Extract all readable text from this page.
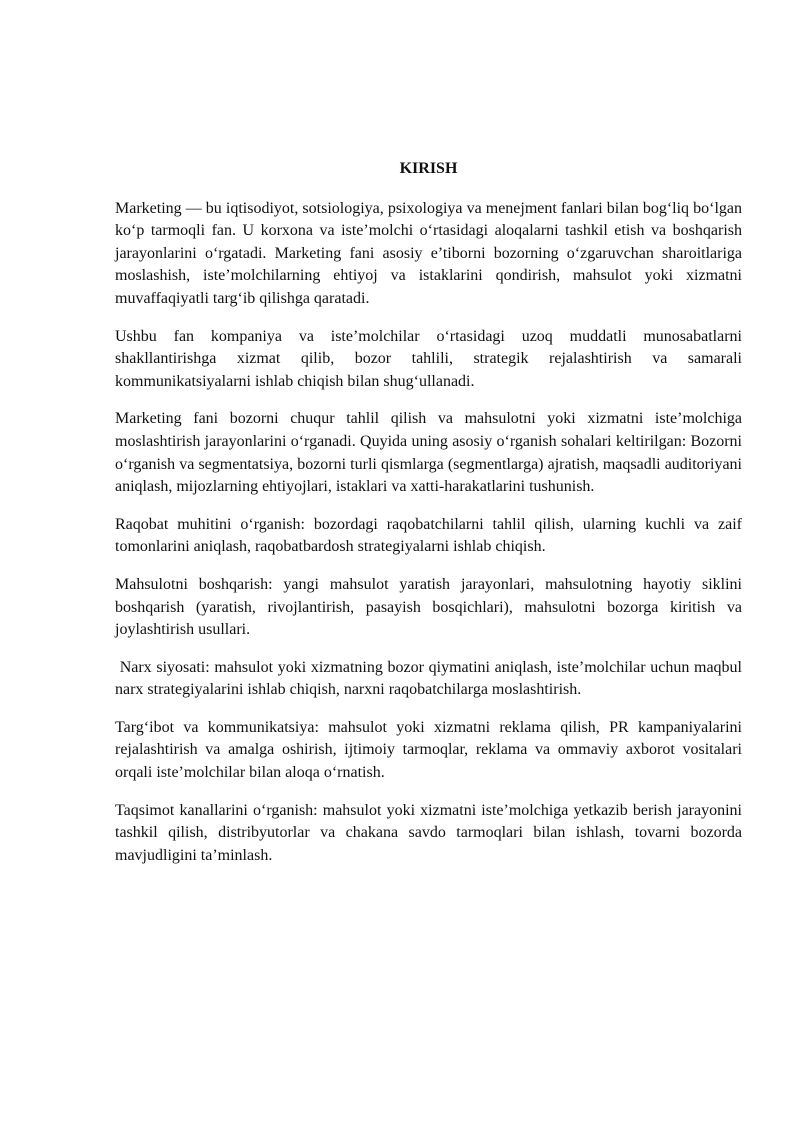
KIRISH

Marketing — bu iqtisodiyot, sotsiologiya, psixologiya va menejment fanlari bilan bog‘liq bo‘lgan ko‘p tarmoqli fan. U korxona va iste’molchi o‘rtasidagi aloqalarni tashkil etish va boshqarish jarayonlarini o‘rgatadi. Marketing fani asosiy e’tiborni bozorning o‘zgaruvchan sharoitlariga moslashish, iste’molchilarning ehtiyoj va istaklarini qondirish, mahsulot yoki xizmatni muvaffaqiyatli targ‘ib qilishga qaratadi.

Ushbu fan kompaniya va iste’molchilar o‘rtasidagi uzoq muddatli munosabatlarni shakllantirishga xizmat qilib, bozor tahlili, strategik rejalashtirish va samarali kommunikatsiyalarni ishlab chiqish bilan shug‘ullanadi.

Marketing fani bozorni chuqur tahlil qilish va mahsulotni yoki xizmatni iste’molchiga moslashtirish jarayonlarini o‘rganadi. Quyida uning asosiy o‘rganish sohalari keltirilgan: Bozorni o‘rganish va segmentatsiya, bozorni turli qismlarga (segmentlarga) ajratish, maqsadli auditoriyani aniqlash, mijozlarning ehtiyojlari, istaklari va xatti-harakatlarini tushunish.

Raqobat muhitini o‘rganish: bozordagi raqobatchilarni tahlil qilish, ularning kuchli va zaif tomonlarini aniqlash, raqobatbardosh strategiyalarni ishlab chiqish.

Mahsulotni boshqarish: yangi mahsulot yaratish jarayonlari, mahsulotning hayotiy siklini boshqarish (yaratish, rivojlantirish, pasayish bosqichlari), mahsulotni bozorga kiritish va joylashtirish usullari.

Narx siyosati: mahsulot yoki xizmatning bozor qiymatini aniqlash, iste’molchilar uchun maqbul narx strategiyalarini ishlab chiqish, narxni raqobatchilarga moslashtirish.

Targ‘ibot va kommunikatsiya: mahsulot yoki xizmatni reklama qilish, PR kampaniyalarini rejalashtirish va amalga oshirish, ijtimoiy tarmoqlar, reklama va ommaviy axborot vositalari orqali iste’molchilar bilan aloqa o‘rnatish.

Taqsimot kanallarini o‘rganish: mahsulot yoki xizmatni iste’molchiga yetkazib berish jarayonini tashkil qilish, distribyutorlar va chakana savdo tarmoqlari bilan ishlash, tovarni bozorda mavjudligini ta’minlash.
